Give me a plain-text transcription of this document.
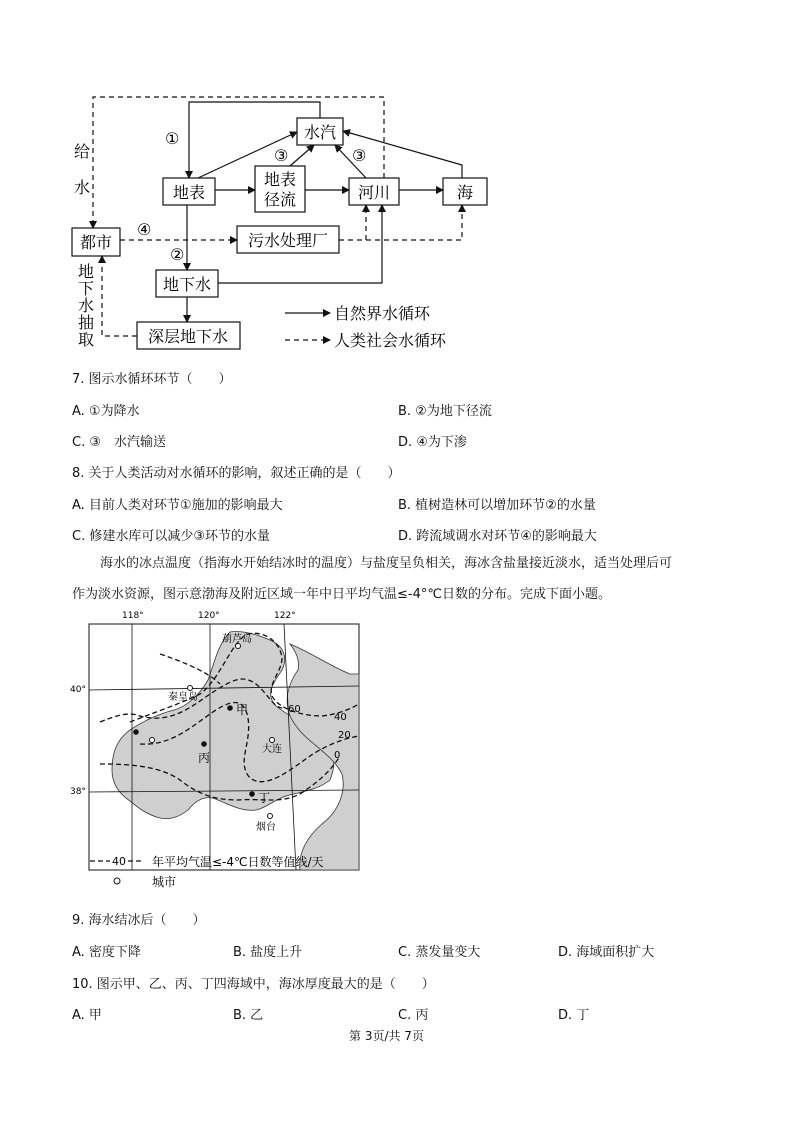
水汽
地表
地表
径流	河川	海
都市	污水处理厂
地下水
深层地下水
①
②
③	③
④
给
水
地
下
水
抽
取
自然界水循环
人类社会水循环
7. 图示水循环环节（　　）
A. ①为降水	B. ②为地下径流
C. ③　水汽输送	D. ④为下渗
8. 关于人类活动对水循环的影响，叙述正确的是（　　）
A. 目前人类对环节①施加的影响最大	B. 植树造林可以增加环节②的水量
C. 修建水库可以减少③环节的水量	D. 跨流域调水对环节④的影响最大
海水的冰点温度（指海水开始结冰时的温度）与盐度呈负相关，海冰含盐量接近淡水，适当处理后可
作为淡水资源，图示意渤海及附近区域一年中日平均气温≤-4°℃日数的分布。完成下面小题。
118°	120°	122°
40°
38°
葫芦岛
秦皇岛
大连
烟台
甲
丙
丁
60
40
20
0
40 年平均气温≤-4℃日数等值线/天
城市
9. 海水结冰后（　　）
A. 密度下降	B. 盐度上升	C. 蒸发量变大	D. 海域面积扩大
10. 图示甲、乙、丙、丁四海域中，海冰厚度最大的是（　　）
A. 甲	B. 乙	C. 丙	D. 丁
第 3页/共 7页
